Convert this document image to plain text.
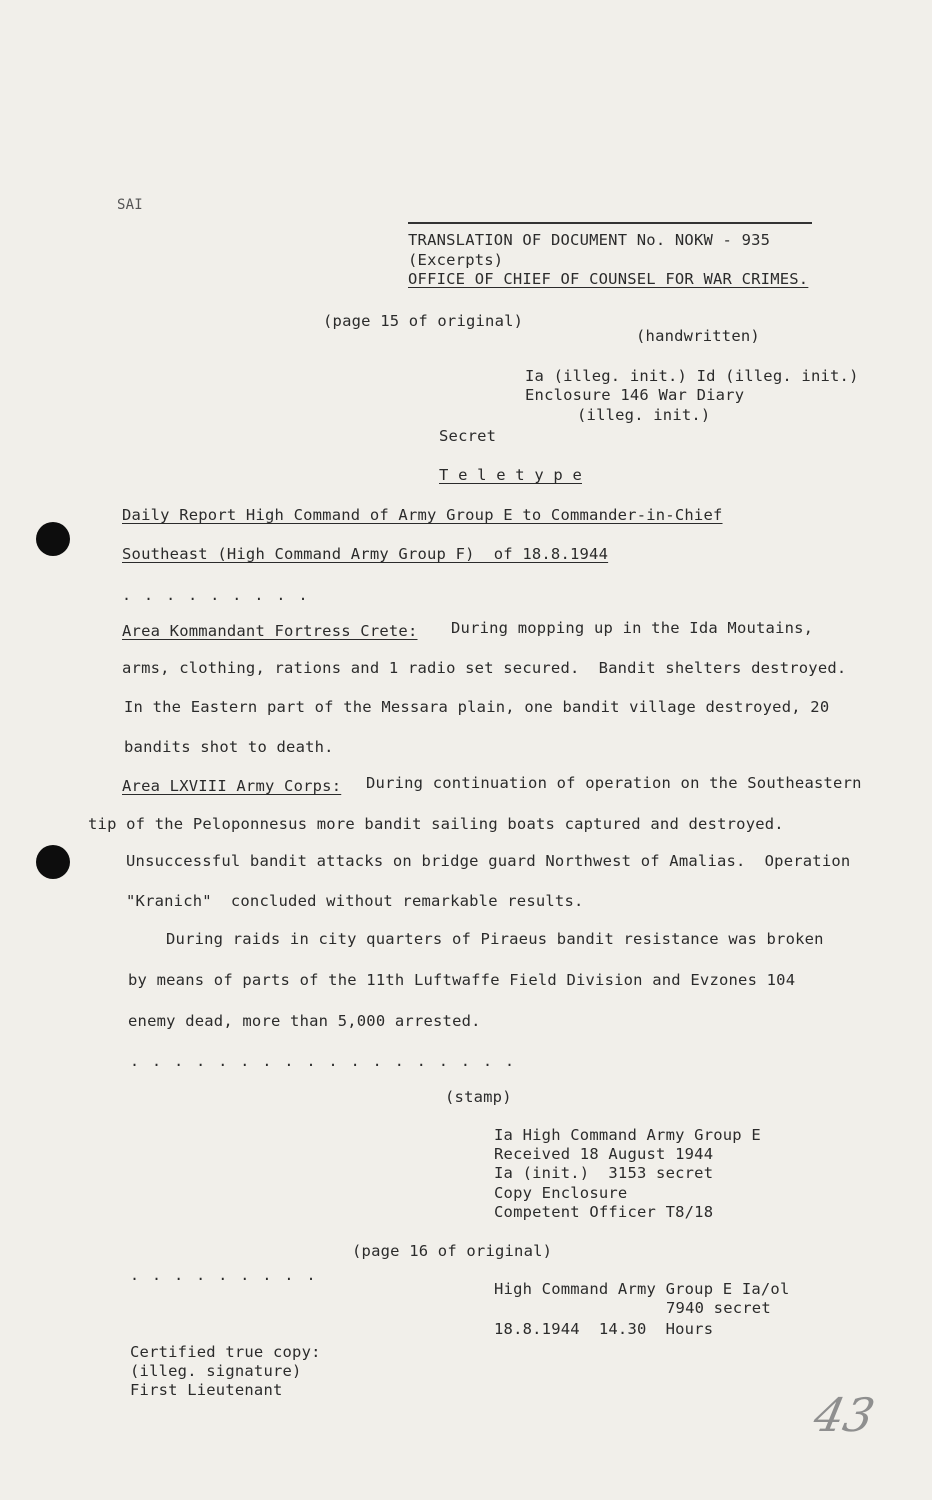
SAI
TRANSLATION OF DOCUMENT No. NOKW - 935
(Excerpts)
OFFICE OF CHIEF OF COUNSEL FOR WAR CRIMES.
(page 15 of original)
(handwritten)
Ia (illeg. init.) Id (illeg. init.)
Enclosure 146 War Diary
(illeg. init.)
Secret
T e l e t y p e
Daily Report High Command of Army Group E to Commander-in-Chief
Southeast (High Command Army Group F)  of 18.8.1944
. . . . . . . . .
Area Kommandant Fortress Crete: During mopping up in the Ida Moutains,
arms, clothing, rations and 1 radio set secured.  Bandit shelters destroyed.
In the Eastern part of the Messara plain, one bandit village destroyed, 20
bandits shot to death.
Area LXVIII Army Corps: During continuation of operation on the Southeastern
tip of the Peloponnesus more bandit sailing boats captured and destroyed.
Unsuccessful bandit attacks on bridge guard Northwest of Amalias.  Operation
"Kranich"  concluded without remarkable results.
During raids in city quarters of Piraeus bandit resistance was broken
by means of parts of the 11th Luftwaffe Field Division and Evzones 104
enemy dead, more than 5,000 arrested.
. . . . . . . . . . . . . . . . . .
(stamp)
Ia High Command Army Group E
Received 18 August 1944
Ia (init.)  3153 secret
Copy Enclosure
Competent Officer T8/18
(page 16 of original)
. . . . . . . . .
High Command Army Group E Ia/ol
7940 secret
18.8.1944  14.30  Hours
Certified true copy:
(illeg. signature)
First Lieutenant	43
